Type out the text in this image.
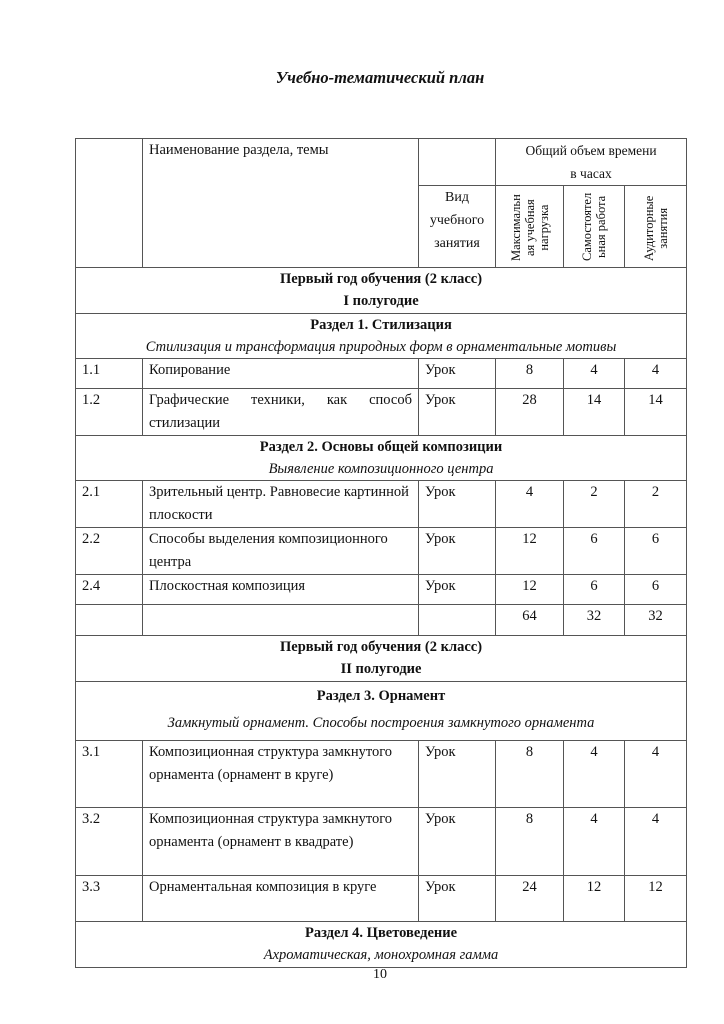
Учебно-тематический план
	Наименование раздела, темы		Общий объем времени
в часах		

		Вид
учебного
занятия	Максимальн ая учебная нагрузка	Самостоятел ьная работа	Аудиторные занятия

Первый год обучения (2 класс)
I полугодие					

Раздел 1. Стилизация
Стилизация и трансформация природных форм в орнаментальные мотивы					

1.1	Копирование	Урок	8	4	4
1.2	Графические техники, как способ стилизации	Урок	28	14	14

Раздел 2. Основы общей композиции
Выявление композиционного центра					

2.1	Зрительный центр. Равновесие картинной плоскости	Урок	4	2	2
2.2	Способы выделения композиционного центра	Урок	12	6	6
2.4	Плоскостная композиция	Урок	12	6	6
			64	32	32

Первый год обучения (2 класс)
II полугодие					

Раздел 3. Орнамент
Замкнутый орнамент. Способы построения замкнутого орнамента					

3.1	Композиционная структура замкнутого орнамента (орнамент в круге)	Урок	8	4	4
3.2	Композиционная структура замкнутого орнамента (орнамент в квадрате)	Урок	8	4	4
3.3	Орнаментальная композиция в круге	Урок	24	12	12

Раздел 4. Цветоведение
Ахроматическая, монохромная гамма					
10
